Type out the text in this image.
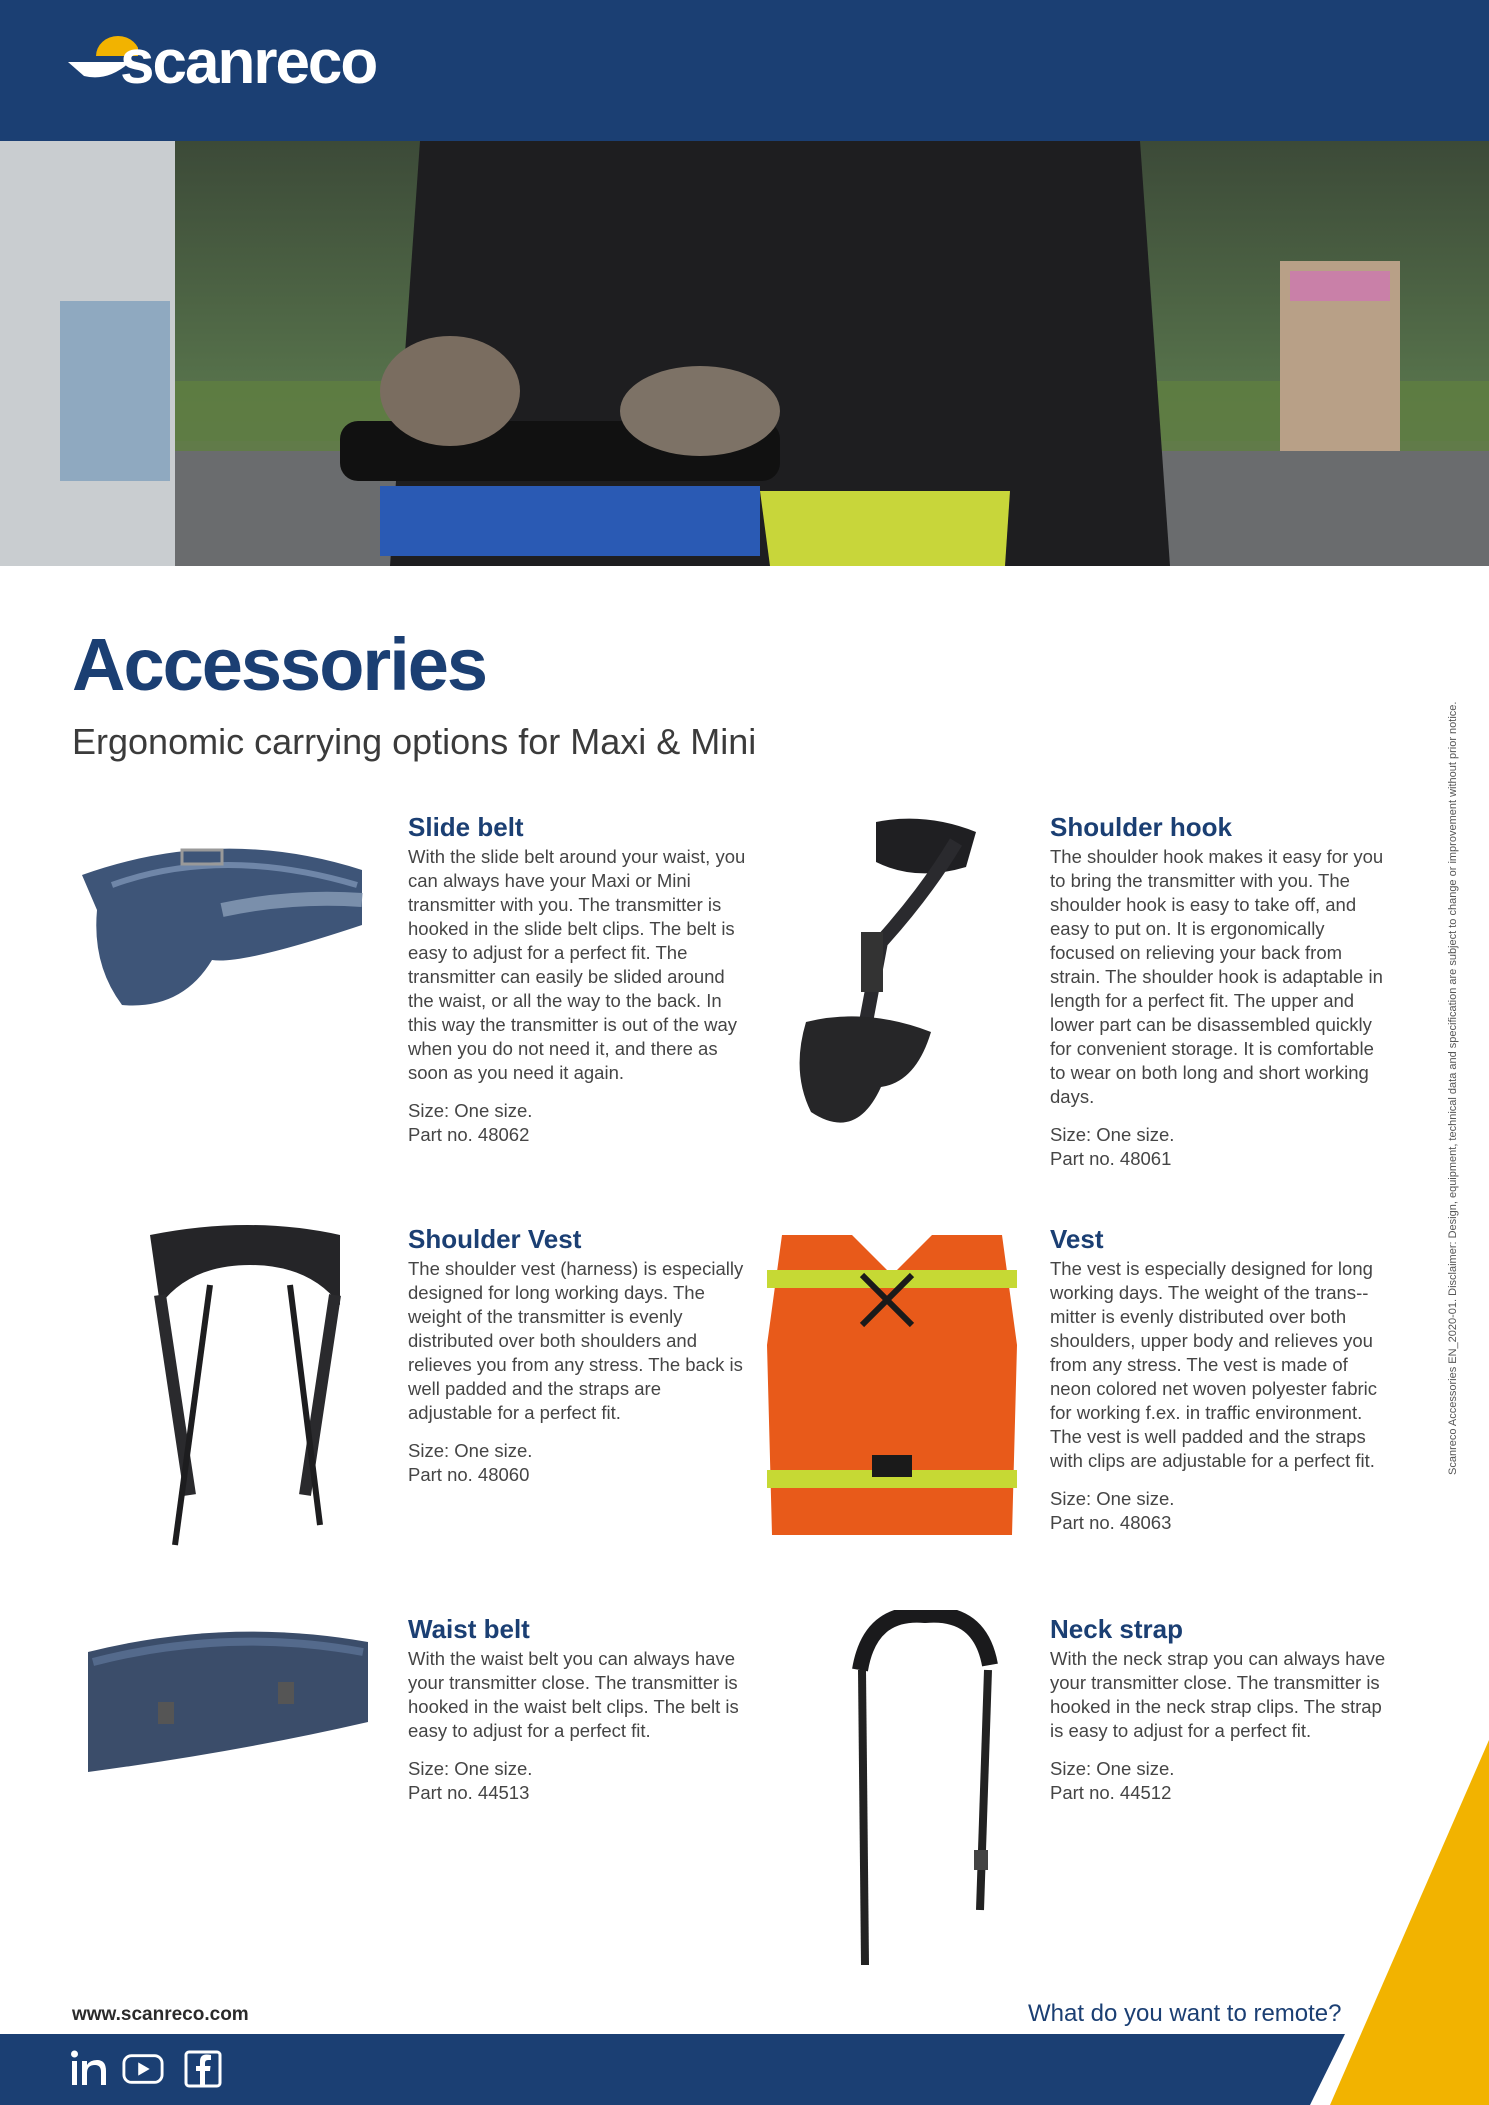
scanreco
Accessories

Ergonomic carrying options for Maxi & Mini

Slide belt

With the slide belt around your waist, you can always have your Maxi or Mini transmitter with you. The transmitter is hooked in the slide belt clips. The belt is easy to adjust for a perfect fit. The transmitter can easily be slided around the waist, or all the way to the back. In this way the transmitter is out of the way when you do not need it, and there as soon as you need it again.

Size: One size.
Part no. 48062

Shoulder hook

The shoulder hook makes it easy for you to bring the transmitter with you. The shoulder hook is easy to take off, and easy to put on. It is ergonomically focused on relieving your back from strain. The shoulder hook is adaptable in length for a perfect fit. The upper and lower part can be disassembled quickly for convenient storage. It is comfortable to wear on both long and short working days.

Size: One size.
Part no. 48061

Shoulder Vest

The shoulder vest (harness) is especially designed for long working days. The weight of the transmitter is evenly distributed over both shoulders and relieves you from any stress. The back is well padded and the straps are adjustable for a perfect fit.

Size: One size.
Part no. 48060

Vest

The vest is especially designed for long working days. The weight of the trans--mitter is evenly distributed over both shoulders, upper body and relieves you from any stress. The vest is made of neon colored net woven polyester fabric for working f.ex. in traffic environment. The vest is well padded and the straps with clips are adjustable for a perfect fit.

Size: One size.
Part no. 48063

Waist belt

With the waist belt you can always have your transmitter close. The transmitter is hooked in the waist belt clips. The belt is easy to adjust for a perfect fit.

Size: One size.
Part no. 44513

Neck strap

With the neck strap you can always have your transmitter close. The transmitter is hooked in the neck strap clips. The strap is easy to adjust for a perfect fit.

Size: One size.
Part no. 44512

Scanreco Accessories EN_2020-01. Disclaimer: Design, equipment, technical data and specification are subject to change or improvement without prior notice.
www.scanreco.com	What do you want to remote?
